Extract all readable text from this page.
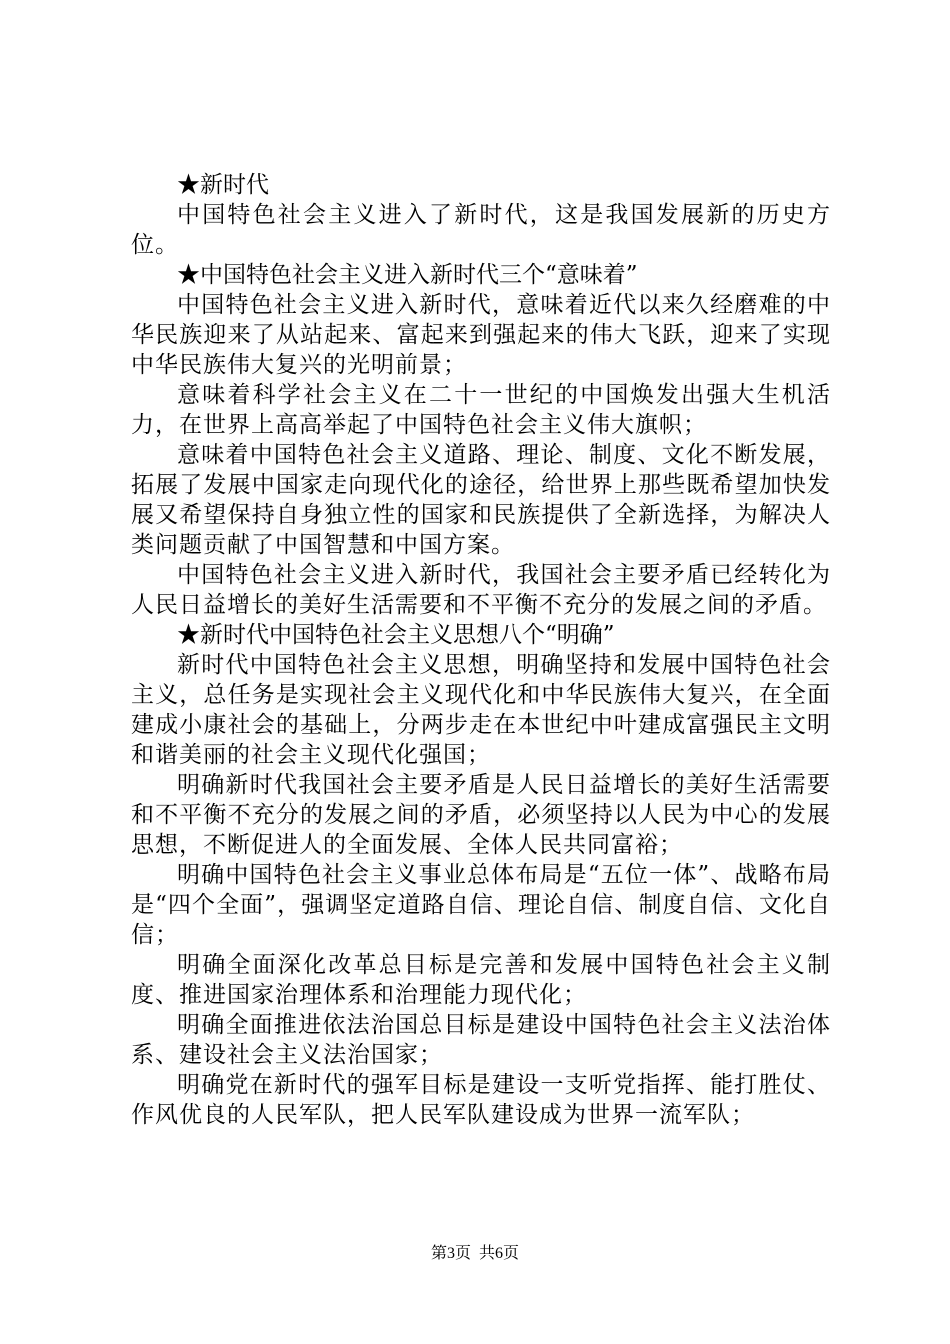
★新时代

中国特色社会主义进入了新时代，这是我国发展新的历史方位。

★中国特色社会主义进入新时代三个“意味着”

中国特色社会主义进入新时代，意味着近代以来久经磨难的中华民族迎来了从站起来、富起来到强起来的伟大飞跃，迎来了实现中华民族伟大复兴的光明前景；

意味着科学社会主义在二十一世纪的中国焕发出强大生机活力，在世界上高高举起了中国特色社会主义伟大旗帜；

意味着中国特色社会主义道路、理论、制度、文化不断发展，拓展了发展中国家走向现代化的途径，给世界上那些既希望加快发展又希望保持自身独立性的国家和民族提供了全新选择，为解决人类问题贡献了中国智慧和中国方案。

中国特色社会主义进入新时代，我国社会主要矛盾已经转化为人民日益增长的美好生活需要和不平衡不充分的发展之间的矛盾。

★新时代中国特色社会主义思想八个“明确”

新时代中国特色社会主义思想，明确坚持和发展中国特色社会主义，总任务是实现社会主义现代化和中华民族伟大复兴，在全面建成小康社会的基础上，分两步走在本世纪中叶建成富强民主文明和谐美丽的社会主义现代化强国；

明确新时代我国社会主要矛盾是人民日益增长的美好生活需要和不平衡不充分的发展之间的矛盾，必须坚持以人民为中心的发展思想，不断促进人的全面发展、全体人民共同富裕；

明确中国特色社会主义事业总体布局是“五位一体”、战略布局是“四个全面”，强调坚定道路自信、理论自信、制度自信、文化自信；

明确全面深化改革总目标是完善和发展中国特色社会主义制度、推进国家治理体系和治理能力现代化；

明确全面推进依法治国总目标是建设中国特色社会主义法治体系、建设社会主义法治国家；

明确党在新时代的强军目标是建设一支听党指挥、能打胜仗、作风优良的人民军队，把人民军队建设成为世界一流军队；

第3页  共6页
